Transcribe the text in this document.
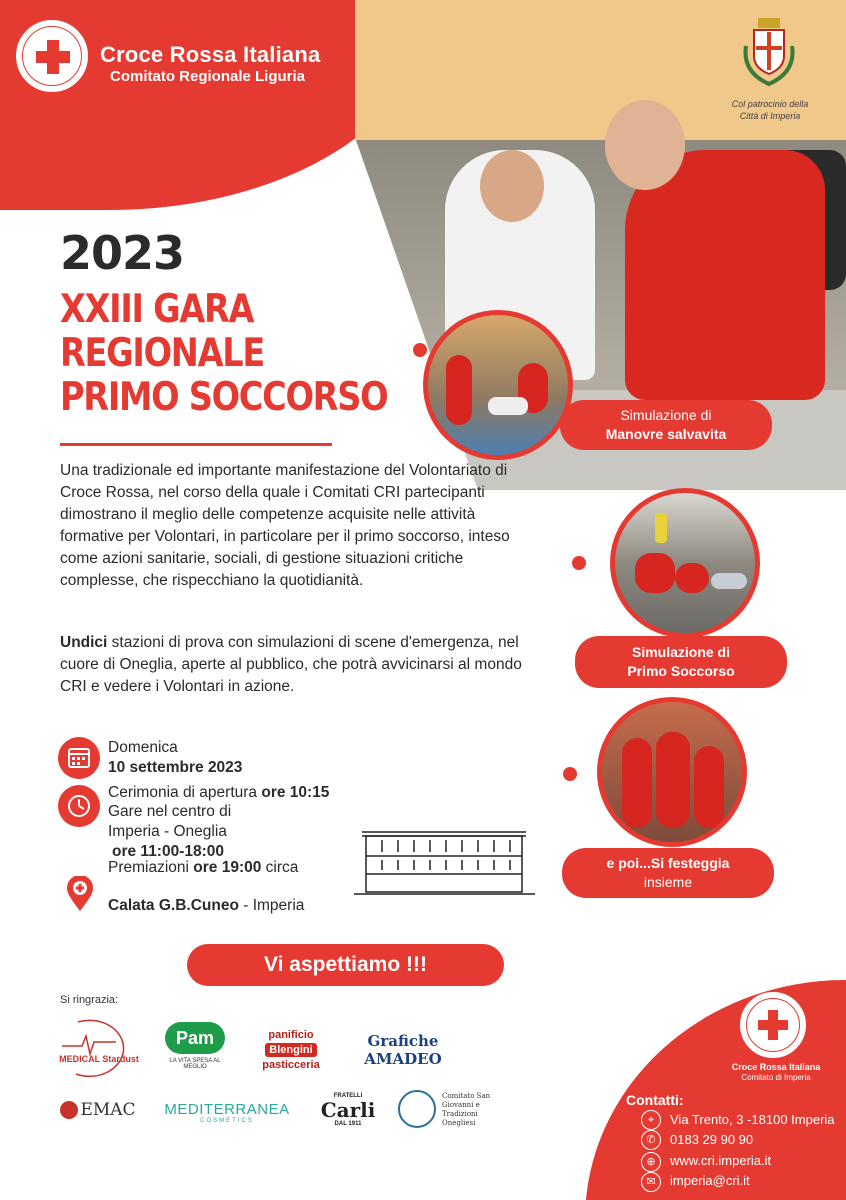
Croce Rossa Italiana
Comitato Regionale Liguria
Col patrocinio della Città di Imperia
2023
XXIII GARA
REGIONALE
PRIMO SOCCORSO
Una tradizionale ed importante manifestazione del Volontariato di Croce Rossa, nel corso della quale i Comitati CRI partecipanti dimostrano il meglio delle competenze acquisite nelle attività formative per Volontari, in particolare per il primo soccorso, inteso come azioni sanitarie, sociali, di gestione situazioni critiche complesse, che rispecchiano la quotidianità.
Undici stazioni di prova con simulazioni di scene d'emergenza, nel cuore di Oneglia, aperte al pubblico, che potrà avvicinarsi al mondo CRI e vedere i Volontari in azione.
Simulazione di
Manovre salvavita
Simulazione di
Primo Soccorso
e poi...Si festeggia
insieme
Domenica
10 settembre 2023
Cerimonia di apertura ore 10:15
Gare nel centro di
Imperia - Oneglia
ore 11:00-18:00
Premiazioni ore 19:00 circa
Calata G.B.Cuneo - Imperia
Vi aspettiamo !!!
Si ringrazia:
MEDICAL Stardust
Pam
LA VITA SPESA AL MEGLIO
panificio
Blengini
pasticceria
Grafiche AMADEO
EMAC MEDITERRANEA
COSMETICS
FRATELLI
Carli
DAL 1911
Comitato San Giovanni e Tradizioni Onegliesi
Croce Rossa Italiana
Comitato di Imperia
Contatti:
⌖	Via Trento, 3 -18100 Imperia
✆	0183 29 90 90
⊕	www.cri.imperia.it
✉	imperia@cri.it
